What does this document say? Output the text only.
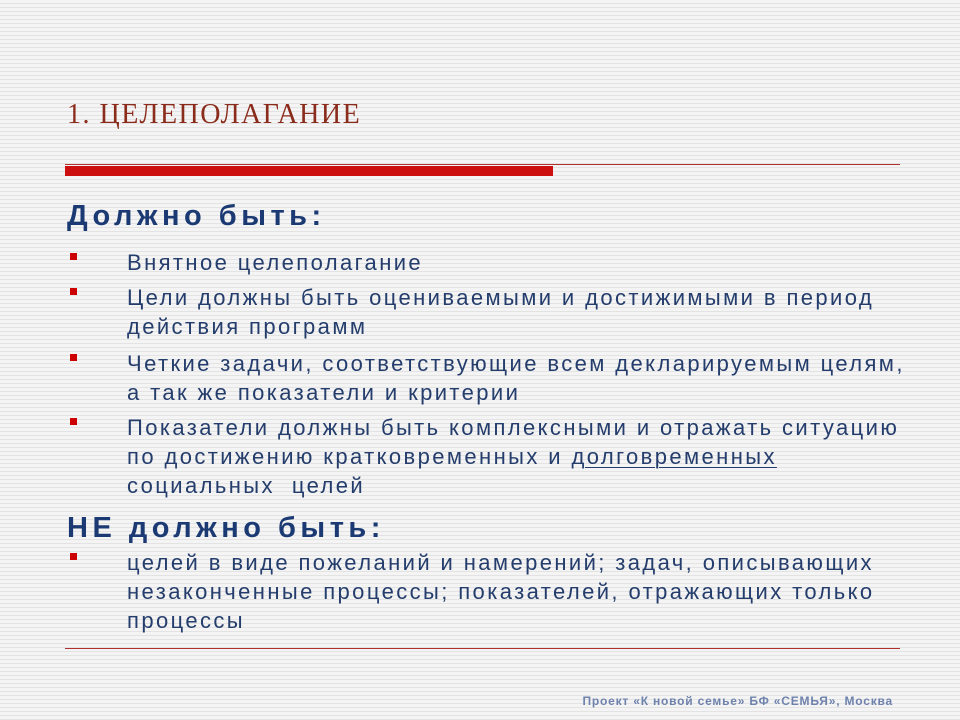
1. ЦЕЛЕПОЛАГАНИЕ
Должно быть:
Внятное целеполагание
Цели должны быть оцениваемыми и достижимыми в период
действия программ
Четкие задачи, соответствующие всем декларируемым целям,
а так же показатели и критерии
Показатели должны быть комплексными и отражать ситуацию
по достижению кратковременных и долговременных
социальных  целей
НЕ должно быть:
целей в виде пожеланий и намерений; задач, описывающих
незаконченные процессы; показателей, отражающих только
процессы
Проект «К новой семье» БФ «СЕМЬЯ», Москва
